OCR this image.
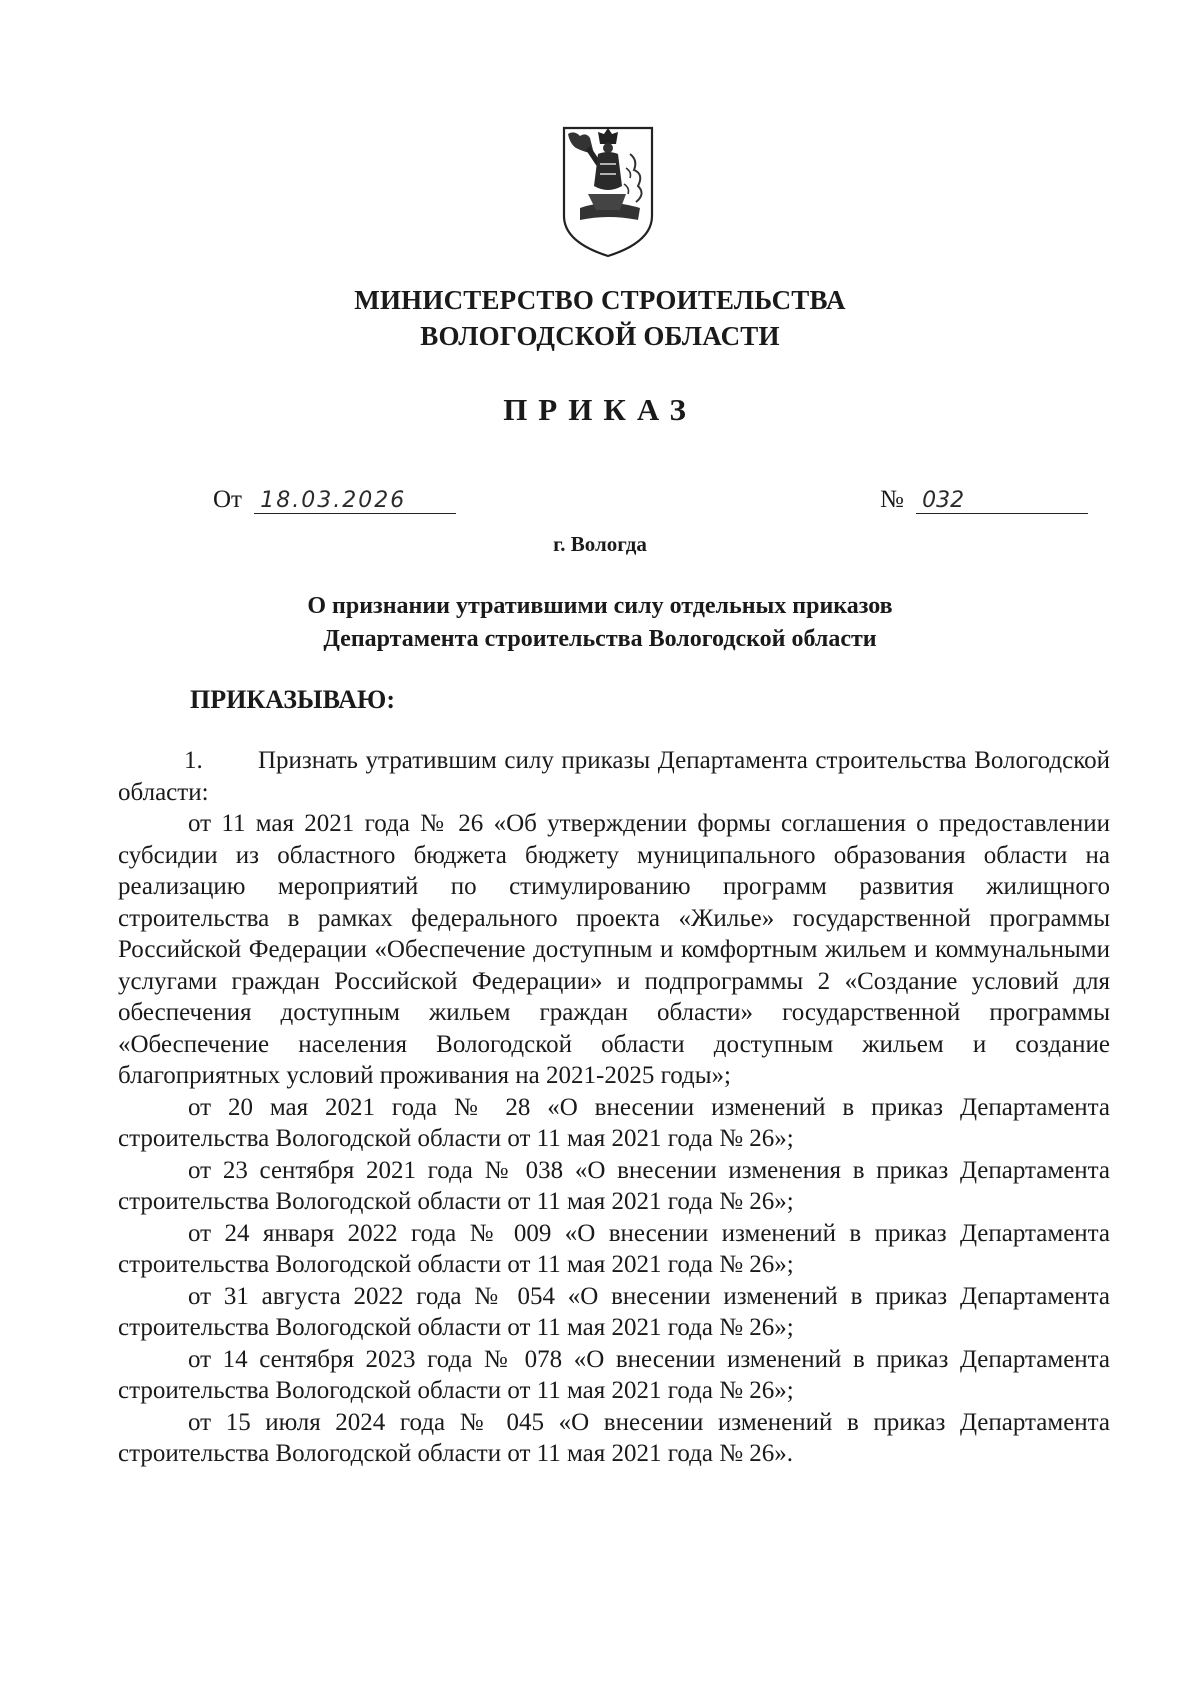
МИНИСТЕРСТВО СТРОИТЕЛЬСТВА
ВОЛОГОДСКОЙ ОБЛАСТИ
ПРИКАЗ
От 18.03.2026	№ 032
г. Вологда
О признании утратившими силу отдельных приказов
Департамента строительства Вологодской области
ПРИКАЗЫВАЮ:

1. Признать утратившим силу приказы Департамента строительства Вологодской области:

от 11 мая 2021 года № 26 «Об утверждении формы соглашения о предоставлении субсидии из областного бюджета бюджету муниципального образования области на реализацию мероприятий по стимулированию программ развития жилищного строительства в рамках федерального проекта «Жилье» государственной программы Российской Федерации «Обеспечение доступным и комфортным жильем и коммунальными услугами граждан Российской Федерации» и подпрограммы 2 «Создание условий для обеспечения доступным жильем граждан области» государственной программы «Обеспечение населения Вологодской области доступным жильем и создание благоприятных условий проживания на 2021-2025 годы»;

от 20 мая 2021 года № 28 «О внесении изменений в приказ Департамента строительства Вологодской области от 11 мая 2021 года № 26»;

от 23 сентября 2021 года № 038 «О внесении изменения в приказ Департамента строительства Вологодской области от 11 мая 2021 года № 26»;

от 24 января 2022 года № 009 «О внесении изменений в приказ Департамента строительства Вологодской области от 11 мая 2021 года № 26»;

от 31 августа 2022 года № 054 «О внесении изменений в приказ Департамента строительства Вологодской области от 11 мая 2021 года № 26»;

от 14 сентября 2023 года № 078 «О внесении изменений в приказ Департамента строительства Вологодской области от 11 мая 2021 года № 26»;

от 15 июля 2024 года № 045 «О внесении изменений в приказ Департамента строительства Вологодской области от 11 мая 2021 года № 26».
